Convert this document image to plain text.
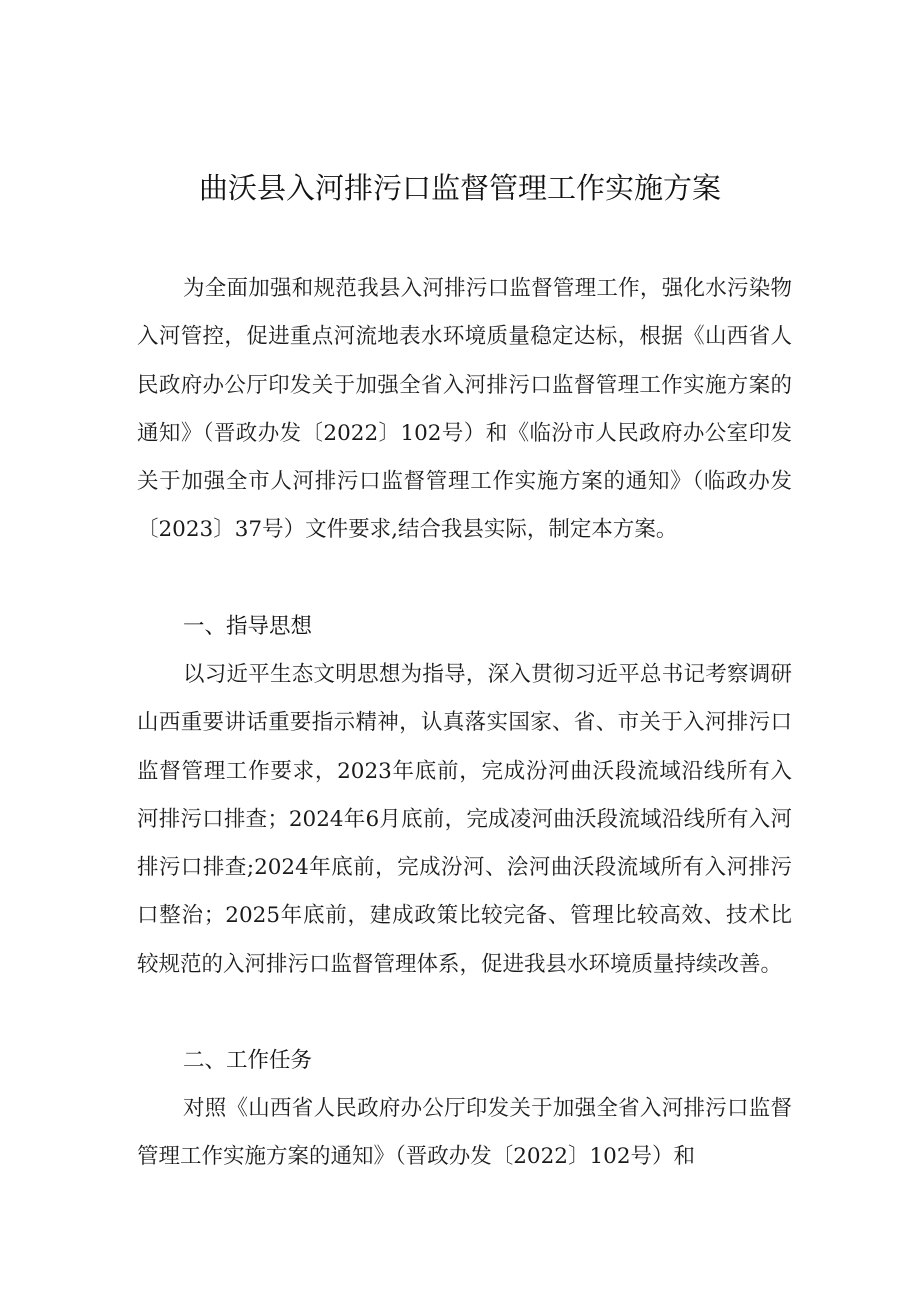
曲沃县入河排污口监督管理工作实施方案

为全面加强和规范我县入河排污口监督管理工作，强化水污染物入河管控，促进重点河流地表水环境质量稳定达标，根据《山西省人民政府办公厅印发关于加强全省入河排污口监督管理工作实施方案的通知》（晋政办发〔2022〕102号）和《临汾市人民政府办公室印发关于加强全市人河排污口监督管理工作实施方案的通知》（临政办发〔2023〕37号）文件要求,结合我县实际，制定本方案。

一、指导思想

以习近平生态文明思想为指导，深入贯彻习近平总书记考察调研山西重要讲话重要指示精神，认真落实国家、省、市关于入河排污口监督管理工作要求，2023年底前，完成汾河曲沃段流域沿线所有入河排污口排查；2024年6月底前，完成凌河曲沃段流域沿线所有入河排污口排查;2024年底前，完成汾河、浍河曲沃段流域所有入河排污口整治；2025年底前，建成政策比较完备、管理比较高效、技术比较规范的入河排污口监督管理体系，促进我县水环境质量持续改善。

二、工作任务

对照《山西省人民政府办公厅印发关于加强全省入河排污口监督管理工作实施方案的通知》（晋政办发〔2022〕102号）和
